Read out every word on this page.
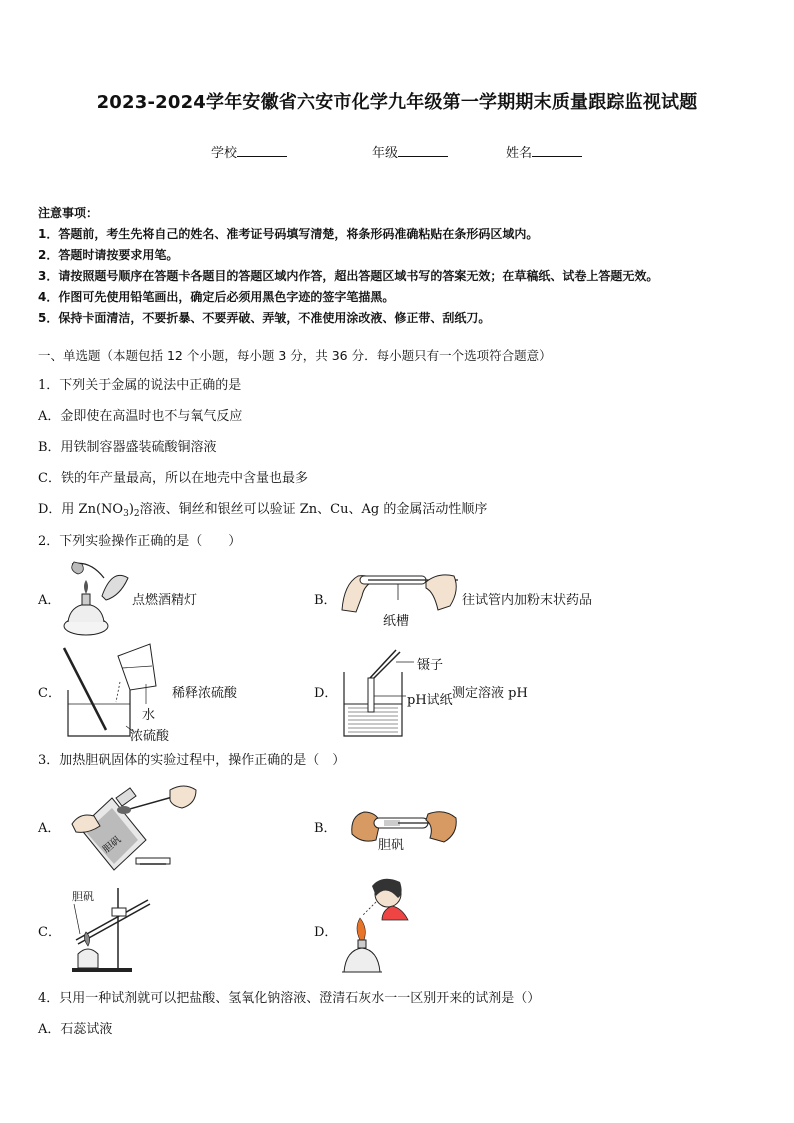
2023-2024学年安徽省六安市化学九年级第一学期期末质量跟踪监视试题
学校	年级	姓名
注意事项：
1．答题前，考生先将自己的姓名、准考证号码填写清楚，将条形码准确粘贴在条形码区域内。
2．答题时请按要求用笔。
3．请按照题号顺序在答题卡各题目的答题区域内作答，超出答题区域书写的答案无效；在草稿纸、试卷上答题无效。
4．作图可先使用铅笔画出，确定后必须用黑色字迹的签字笔描黑。
5．保持卡面清洁，不要折暴、不要弄破、弄皱，不准使用涂改液、修正带、刮纸刀。
一、单选题（本题包括 12 个小题，每小题 3 分，共 36 分．每小题只有一个选项符合题意）
1．下列关于金属的说法中正确的是
A．金即使在高温时也不与氧气反应
B．用铁制容器盛装硫酸铜溶液
C．铁的年产量最高，所以在地壳中含量也最多
D．用 $Zn(NO_3)_2$溶液、铜丝和银丝可以验证 Zn、Cu、Ag 的金属活动性顺序
2．下列实验操作正确的是（　　）
A．	点燃酒精灯	B．	往试管内加粉末状药品
纸槽
C．	稀释浓硫酸
水
浓硫酸
D．
镊子
pH试纸 测定溶液 pH
3．加热胆矾固体的实验过程中，操作正确的是（　）
A．
胆矾
B．
胆矾
C．
胆矾
D．
4．只用一种试剂就可以把盐酸、氢氧化钠溶液、澄清石灰水一一区别开来的试剂是（）
A．石蕊试液
